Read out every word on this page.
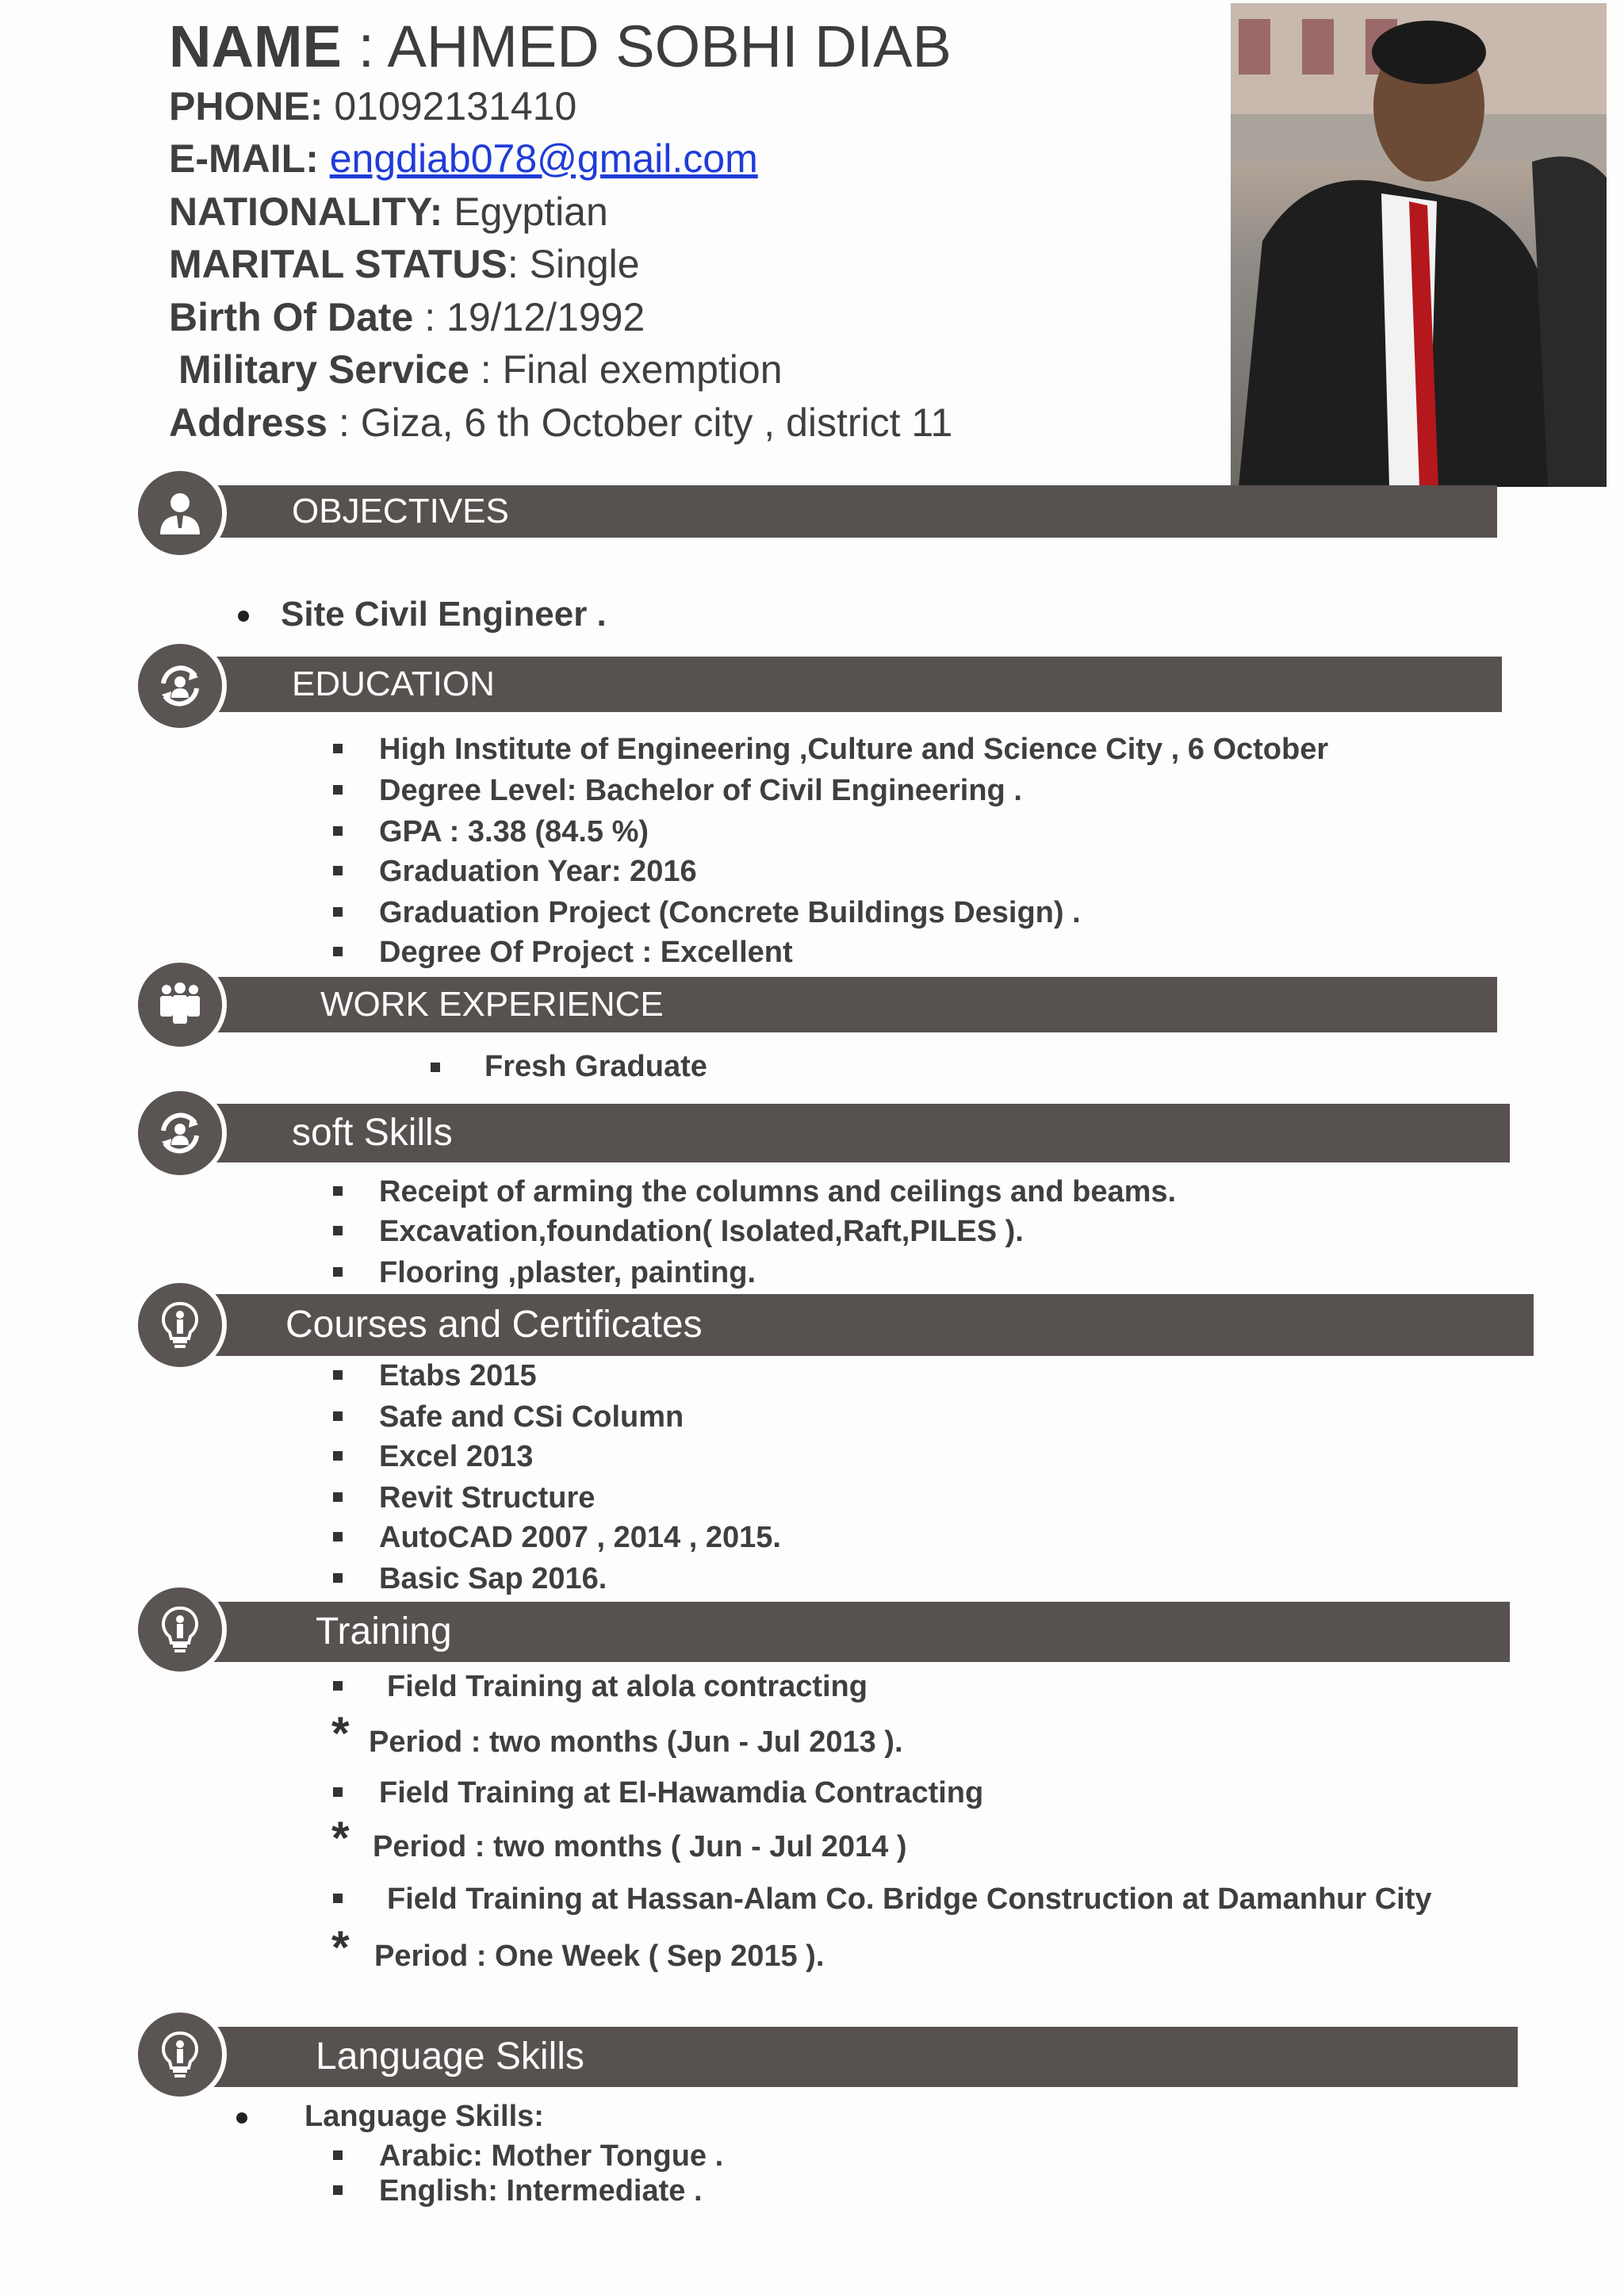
NAME : AHMED SOBHI DIAB
PHONE: 01092131410
E-MAIL: engdiab078@gmail.com
NATIONALITY: Egyptian
MARITAL STATUS: Single
Birth Of Date : 19/12/1992
Military Service : Final exemption
Address : Giza, 6 th October city , district 11
OBJECTIVES
Site Civil Engineer .
EDUCATION
High Institute of Engineering ,Culture and Science City , 6 October
Degree Level: Bachelor of Civil Engineering .
GPA : 3.38 (84.5 %)
Graduation Year: 2016
Graduation Project (Concrete Buildings Design) .
Degree Of Project : Excellent
WORK EXPERIENCE
Fresh Graduate
soft Skills
Receipt of arming the columns and ceilings and beams.
Excavation,foundation( Isolated,Raft,PILES ).
Flooring ,plaster, painting.
Courses and Certificates
Etabs 2015
Safe and CSi Column
Excel 2013
Revit Structure
AutoCAD 2007 , 2014 , 2015.
Basic Sap 2016.
Training
Field Training at alola contracting
* Period : two months (Jun - Jul 2013 ).
Field Training at El-Hawamdia Contracting
* Period : two months ( Jun - Jul 2014 )
Field Training at Hassan-Alam Co. Bridge Construction at Damanhur City
* Period : One Week ( Sep 2015 ).
Language Skills
Language Skills:
Arabic: Mother Tongue .
English: Intermediate .
